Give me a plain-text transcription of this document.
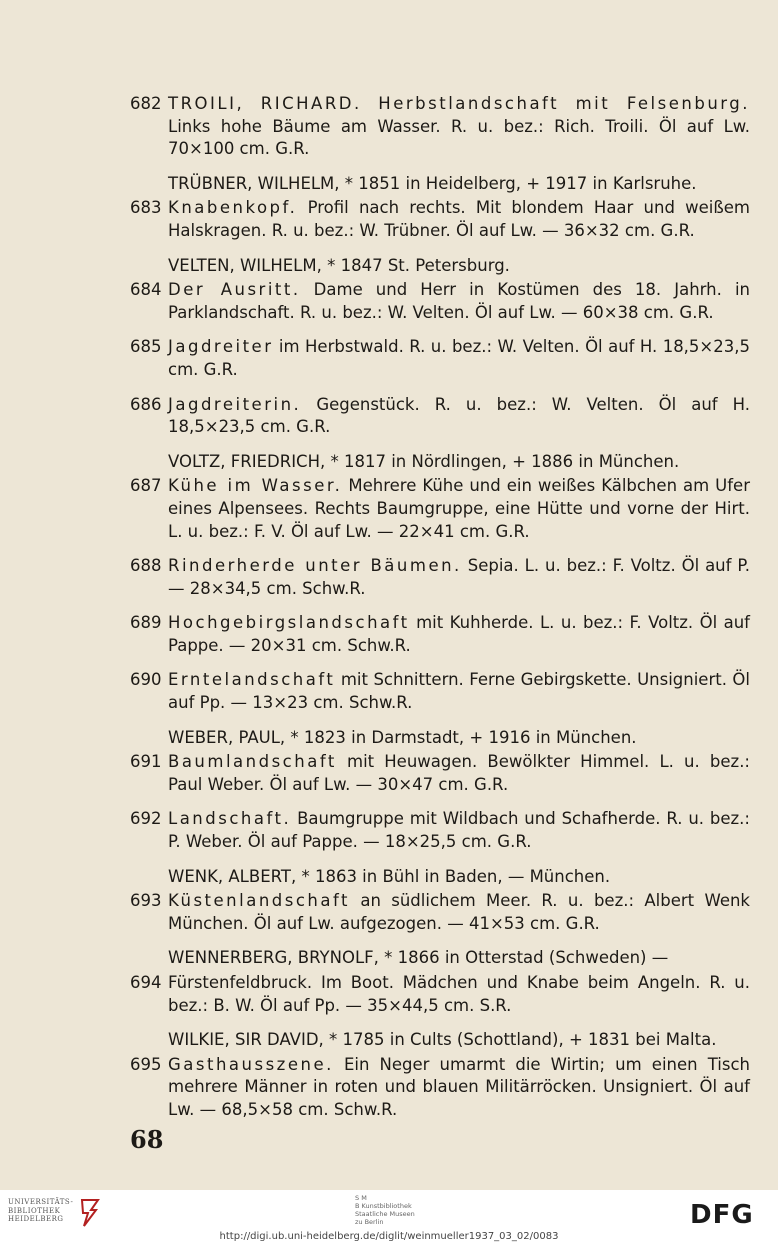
682 TROILI, RICHARD. Herbstlandschaft mit Felsenburg. Links hohe Bäume am Wasser. R. u. bez.: Rich. Troili. Öl auf Lw. 70×100 cm. G.R.
TRÜBNER, WILHELM, * 1851 in Heidelberg, + 1917 in Karlsruhe.
683 Knabenkopf. Profil nach rechts. Mit blondem Haar und weißem Halskragen. R. u. bez.: W. Trübner. Öl auf Lw. — 36×32 cm. G.R.
VELTEN, WILHELM, * 1847 St. Petersburg.
684 Der Ausritt. Dame und Herr in Kostümen des 18. Jahrh. in Parklandschaft. R. u. bez.: W. Velten. Öl auf Lw. — 60×38 cm. G.R.
685 Jagdreiter im Herbstwald. R. u. bez.: W. Velten. Öl auf H. 18,5×23,5 cm. G.R.
686 Jagdreiterin. Gegenstück. R. u. bez.: W. Velten. Öl auf H. 18,5×23,5 cm. G.R.
VOLTZ, FRIEDRICH, * 1817 in Nördlingen, + 1886 in München.
687 Kühe im Wasser. Mehrere Kühe und ein weißes Kälbchen am Ufer eines Alpensees. Rechts Baumgruppe, eine Hütte und vorne der Hirt. L. u. bez.: F. V. Öl auf Lw. — 22×41 cm. G.R.
688 Rinderherde unter Bäumen. Sepia. L. u. bez.: F. Voltz. Öl auf P. — 28×34,5 cm. Schw.R.
689 Hochgebirgslandschaft mit Kuhherde. L. u. bez.: F. Voltz. Öl auf Pappe. — 20×31 cm. Schw.R.
690 Erntelandschaft mit Schnittern. Ferne Gebirgskette. Unsigniert. Öl auf Pp. — 13×23 cm. Schw.R.
WEBER, PAUL, * 1823 in Darmstadt, + 1916 in München.
691 Baumlandschaft mit Heuwagen. Bewölkter Himmel. L. u. bez.: Paul Weber. Öl auf Lw. — 30×47 cm. G.R.
692 Landschaft. Baumgruppe mit Wildbach und Schafherde. R. u. bez.: P. Weber. Öl auf Pappe. — 18×25,5 cm. G.R.
WENK, ALBERT, * 1863 in Bühl in Baden, — München.
693 Küstenlandschaft an südlichem Meer. R. u. bez.: Albert Wenk München. Öl auf Lw. aufgezogen. — 41×53 cm. G.R.
WENNERBERG, BRYNOLF, * 1866 in Otterstad (Schweden) —
694 Fürstenfeldbruck. Im Boot. Mädchen und Knabe beim Angeln. R. u. bez.: B. W. Öl auf Pp. — 35×44,5 cm. S.R.
WILKIE, SIR DAVID, * 1785 in Cults (Schottland), + 1831 bei Malta.
695 Gasthausszene. Ein Neger umarmt die Wirtin; um einen Tisch mehrere Männer in roten und blauen Militärröcken. Unsigniert. Öl auf Lw. — 68,5×58 cm. Schw.R.
68
UNIVERSITÄTS-
BIBLIOTHEK
HEIDELBERG
S M
B Kunstbibliothek
Staatliche Museen
zu Berlin	DFG
http://digi.ub.uni-heidelberg.de/diglit/weinmueller1937_03_02/0083
